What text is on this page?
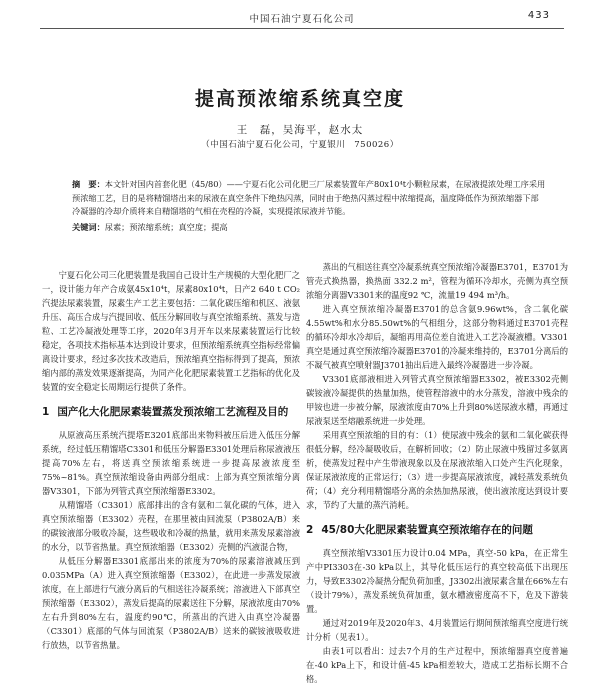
中国石油宁夏石化公司	433
提高预浓缩系统真空度
王　磊，吴海平，赵水太
（中国石油宁夏石化公司，宁夏银川　750026）
摘　要：本文针对国内首套化肥（45/80）——宁夏石化公司化肥三厂尿素装置年产80x10⁴t小颗粒尿素，在尿液提浓处理工序采用预浓缩工艺，目的是将精馏塔出来的尿液在真空条件下绝热闪蒸，同时由于绝热闪蒸过程中浓缩提高，温度降低作为预浓缩器下部冷凝器的冷却介质将来自精馏塔的气相在壳程的冷凝，实现提浓尿液并节能。
关键词：尿素；预浓缩系统；真空度；提高

宁夏石化公司三化肥装置是我国自己设计生产规模的大型化肥厂之一，设计能力年产合成氨45x10⁴t，尿素80x10⁴t，日产2 640 t CO₂汽提法尿素装置，尿素生产工艺主要包括：二氧化碳压缩和机区、液氨升压、高压合成与汽提回收、低压分解回收与真空浓缩系统、蒸发与造粒、工艺冷凝液处理等工序，2020年3月开车以来尿素装置运行比较稳定，各项技术指标基本达到设计要求，但预浓缩系统真空指标经常偏离设计要求，经过多次技术改造后，预浓缩真空指标得到了提高，预浓缩内部的蒸发效果逐渐提高，为同产化化肥尿素装置工艺指标的优化及装置的安全稳定长周期运行提供了条件。

1 国产化大化肥尿素装置蒸发预浓缩工艺流程及目的

从原液高压系统汽提塔E3201底部出来物料被压后进入低压分解系统，经过低压精馏塔C3301和低压分解器E3301处理后称尿液液压提高70%左右，将送真空预浓缩系统进一步提高尿液浓度至75%~81%。真空预浓缩设备由两部分组成：上部为真空预浓缩分离器V3301，下部为列管式真空预浓缩器E3302。

从精馏塔（C3301）底部排出的含有氨和二氧化碳的气体，进入真空预浓缩器（E3302）壳程，在那里被由回流泵（P3802A/B）来的碳铵液部分吸收冷凝，这些吸收和冷凝的热量，就用来蒸发尿素溶液的水分，以节省热量。真空预浓缩器（E3302）壳侧的汽液混合物，

从低压分解器E3301底部出来的浓度为70%的尿素溶液减压到0.035MPa（A）进入真空预浓缩器（E3302），在此进一步蒸发尿液浓度，在上部进行气液分离后的气相送往冷凝系统；溶液进入下部真空预浓缩器（E3302），蒸发后提高的尿素送往下分解，尿液浓度由70%左右升到80%左右，温度约90℃，所蒸出的汽进入由真空冷凝器（C3301）底部的气体与回流泵（P3802A/B）送来的碳铵液吸收进行放热，以节省热量。

蒸出的气相送往真空冷凝系统真空预浓缩冷凝器E3701，E3701为管壳式换热器，换热面 332.2 m²，管程为循环冷却水，壳侧为真空预浓缩分离器V3301来的温度92 ℃，流量19 494 m³/h。

进入真空预浓缩冷凝器E3701的总含氨9.96wt%，含二氧化碳4.55wt%和水分85.50wt%的气相组分，这部分物料通过E3701壳程的循环冷却水冷却后，凝缩再用高位差自流进入工艺冷凝液槽。V3301真空是通过真空预浓缩冷凝器E3701的冷凝来维持的，E3701分离后的不凝气被真空喷射器J3701抽出后进入最终冷凝器进一步冷凝。

V3301底部液相进入列管式真空预浓缩器E3302，被E3302壳侧碳铵液冷凝提供的热量加热，使管程溶液中的水分蒸发，溶液中残余的甲铵也进一步被分解，尿液浓度由70%上升到80%送尿液水槽，再通过尿液泵送至熔融系统进一步处理。

采用真空预浓缩的目的有：（1）使尿液中残余的氨和二氧化碳获得很低分解，经冷凝吸收后，在解析回收；（2）防止尿液中残留过多氨离析，使蒸发过程中产生带液现象以及在尿液浓缩入口处产生汽化现象，保证尿液浓度的正常运行；（3）进一步提高尿液浓度，减轻蒸发系统负荷；（4）充分利用精馏塔分离的余热加热尿液，使出液浓度达到设计要求，节约了大量的蒸汽消耗。

2 45/80大化肥尿素装置真空预浓缩存在的问题

真空预浓缩V3301压力设计0.04 MPa，真空-50 kPa，在正常生产中PI3303在-30 kPa以上，其导化低压运行的真空较高低下出现压力，导致E3302冷凝热分配负荷加重，J3302出液尿素含量在66%左右（设计79%），蒸发系统负荷加重，氨水槽液密度高不下，危及下游装置。

通过对2019年及2020年3、4月装置运行期间预浓缩真空度进行统计分析（见表1）。

由表1可以看出：过去7个月的生产过程中，预浓缩器真空度普遍在-40 kPa上下，和设计值-45 kPa相差较大，造成工艺指标长期不合格。
